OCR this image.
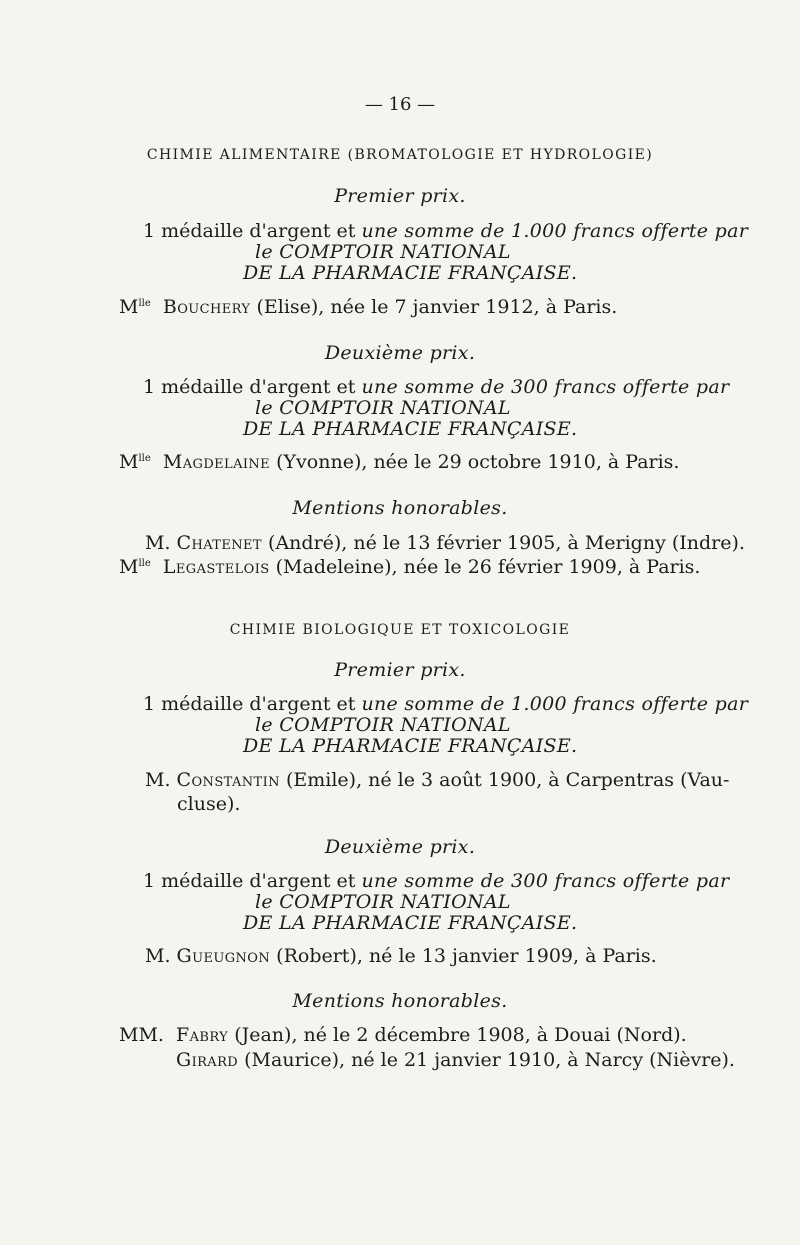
— 16 —
CHIMIE ALIMENTAIRE (BROMATOLOGIE ET HYDROLOGIE)
Premier prix.
1 médaille d'argent et une somme de 1.000 francs offerte par
le COMPTOIR NATIONAL
DE LA PHARMACIE FRANÇAISE.
$M^{lle}$ Bouchery (Elise), née le 7 janvier 1912, à Paris.
Deuxième prix.
1 médaille d'argent et une somme de 300 francs offerte par
le COMPTOIR NATIONAL
DE LA PHARMACIE FRANÇAISE.
$M^{lle}$ Magdelaine (Yvonne), née le 29 octobre 1910, à Paris.
Mentions honorables.
M. Chatenet (André), né le 13 février 1905, à Merigny (Indre).
$M^{lle}$ Legastelois (Madeleine), née le 26 février 1909, à Paris.
CHIMIE BIOLOGIQUE ET TOXICOLOGIE
Premier prix.
1 médaille d'argent et une somme de 1.000 francs offerte par
le COMPTOIR NATIONAL
DE LA PHARMACIE FRANÇAISE.
M. Constantin (Emile), né le 3 août 1900, à Carpentras (Vau-
cluse).
Deuxième prix.
1 médaille d'argent et une somme de 300 francs offerte par
le COMPTOIR NATIONAL
DE LA PHARMACIE FRANÇAISE.
M. Gueugnon (Robert), né le 13 janvier 1909, à Paris.
Mentions honorables.
MM. Fabry (Jean), né le 2 décembre 1908, à Douai (Nord).
Girard (Maurice), né le 21 janvier 1910, à Narcy (Nièvre).
